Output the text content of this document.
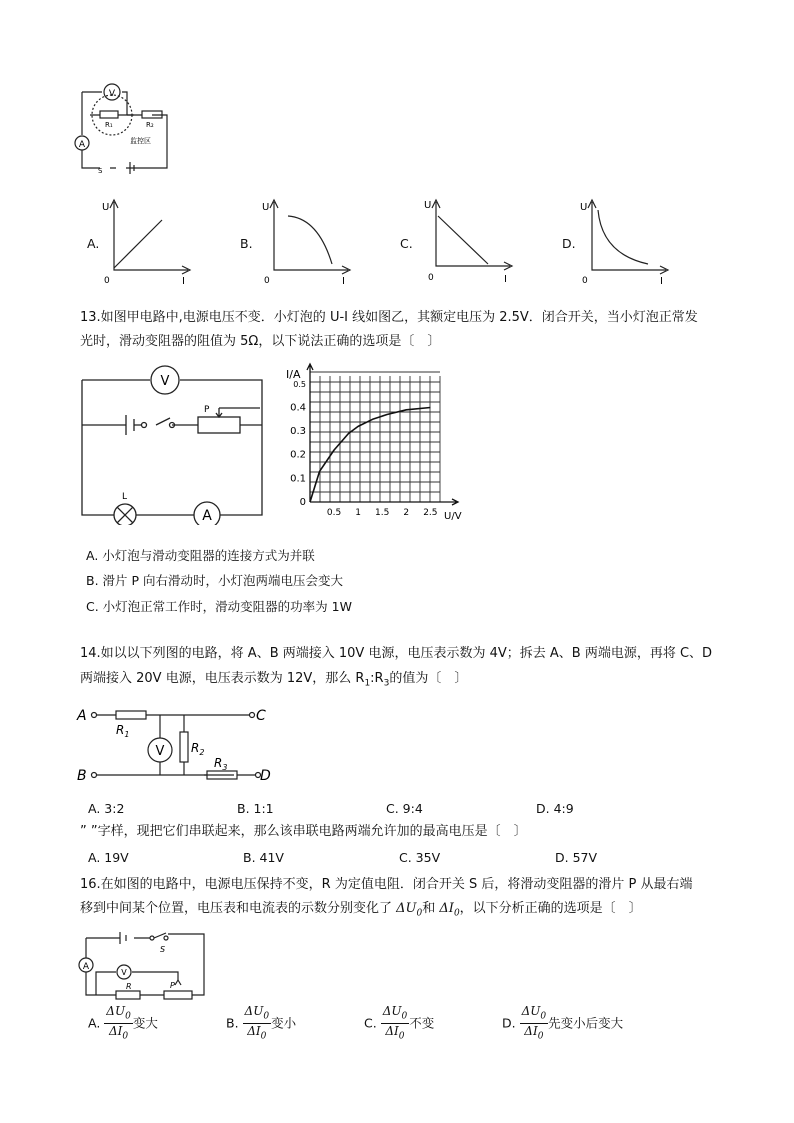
V
R₁	R₂
监控区
A
S
A.
U
0	I
B.
U
0	I
C.
U
0	I
D.
U
0	I
13.如图甲电路中,电源电压不变．小灯泡的 U-I 线如图乙，其额定电压为 2.5V．闭合开关，当小灯泡正常发
光时，滑动变阻器的阻值为 5Ω，以下说法正确的选项是〔　〕
V
P
L
A	0.5 1 1.5 2 2.5
0.5
0.4
0.3
0.2
0.1
0
I/A
U/V
A. 小灯泡与滑动变阻器的连接方式为并联
B. 滑片 P 向右滑动时，小灯泡两端电压会变大
C. 小灯泡正常工作时，滑动变阻器的功率为 1W
14.如以以下列图的电路，将 A、B 两端接入 10V 电源，电压表示数为 4V；拆去 A、B 两端电源，再将 C、D
两端接入 20V 电源，电压表示数为 12V，那么 $R_1:R_3$的值为〔　〕
A
B
C
D
$R_1$
$R_2$
$R_3$
V
A. 3:2	B. 1:1	C. 9:4	D. 4:9
” ”字样，现把它们串联起来，那么该串联电路两端允许加的最高电压是〔　〕
A. 19V	B. 41V	C. 35V	D. 57V
16.在如图的电路中，电源电压保持不变，R 为定值电阻．闭合开关 S 后，将滑动变阻器的滑片 P 从最右端
移到中间某个位置，电压表和电流表的示数分别变化了 $\Delta U_0$和 $\Delta I_0$，以下分析正确的选项是〔　〕
A
V
S
R	P
A. $\frac{\Delta U_0}{\Delta I_0}$ 变大	B. $\frac{\Delta U_0}{\Delta I_0}$ 变小	C. $\frac{\Delta U_0}{\Delta I_0}$ 不变	D. $\frac{\Delta U_0}{\Delta I_0}$ 先变小后变大
